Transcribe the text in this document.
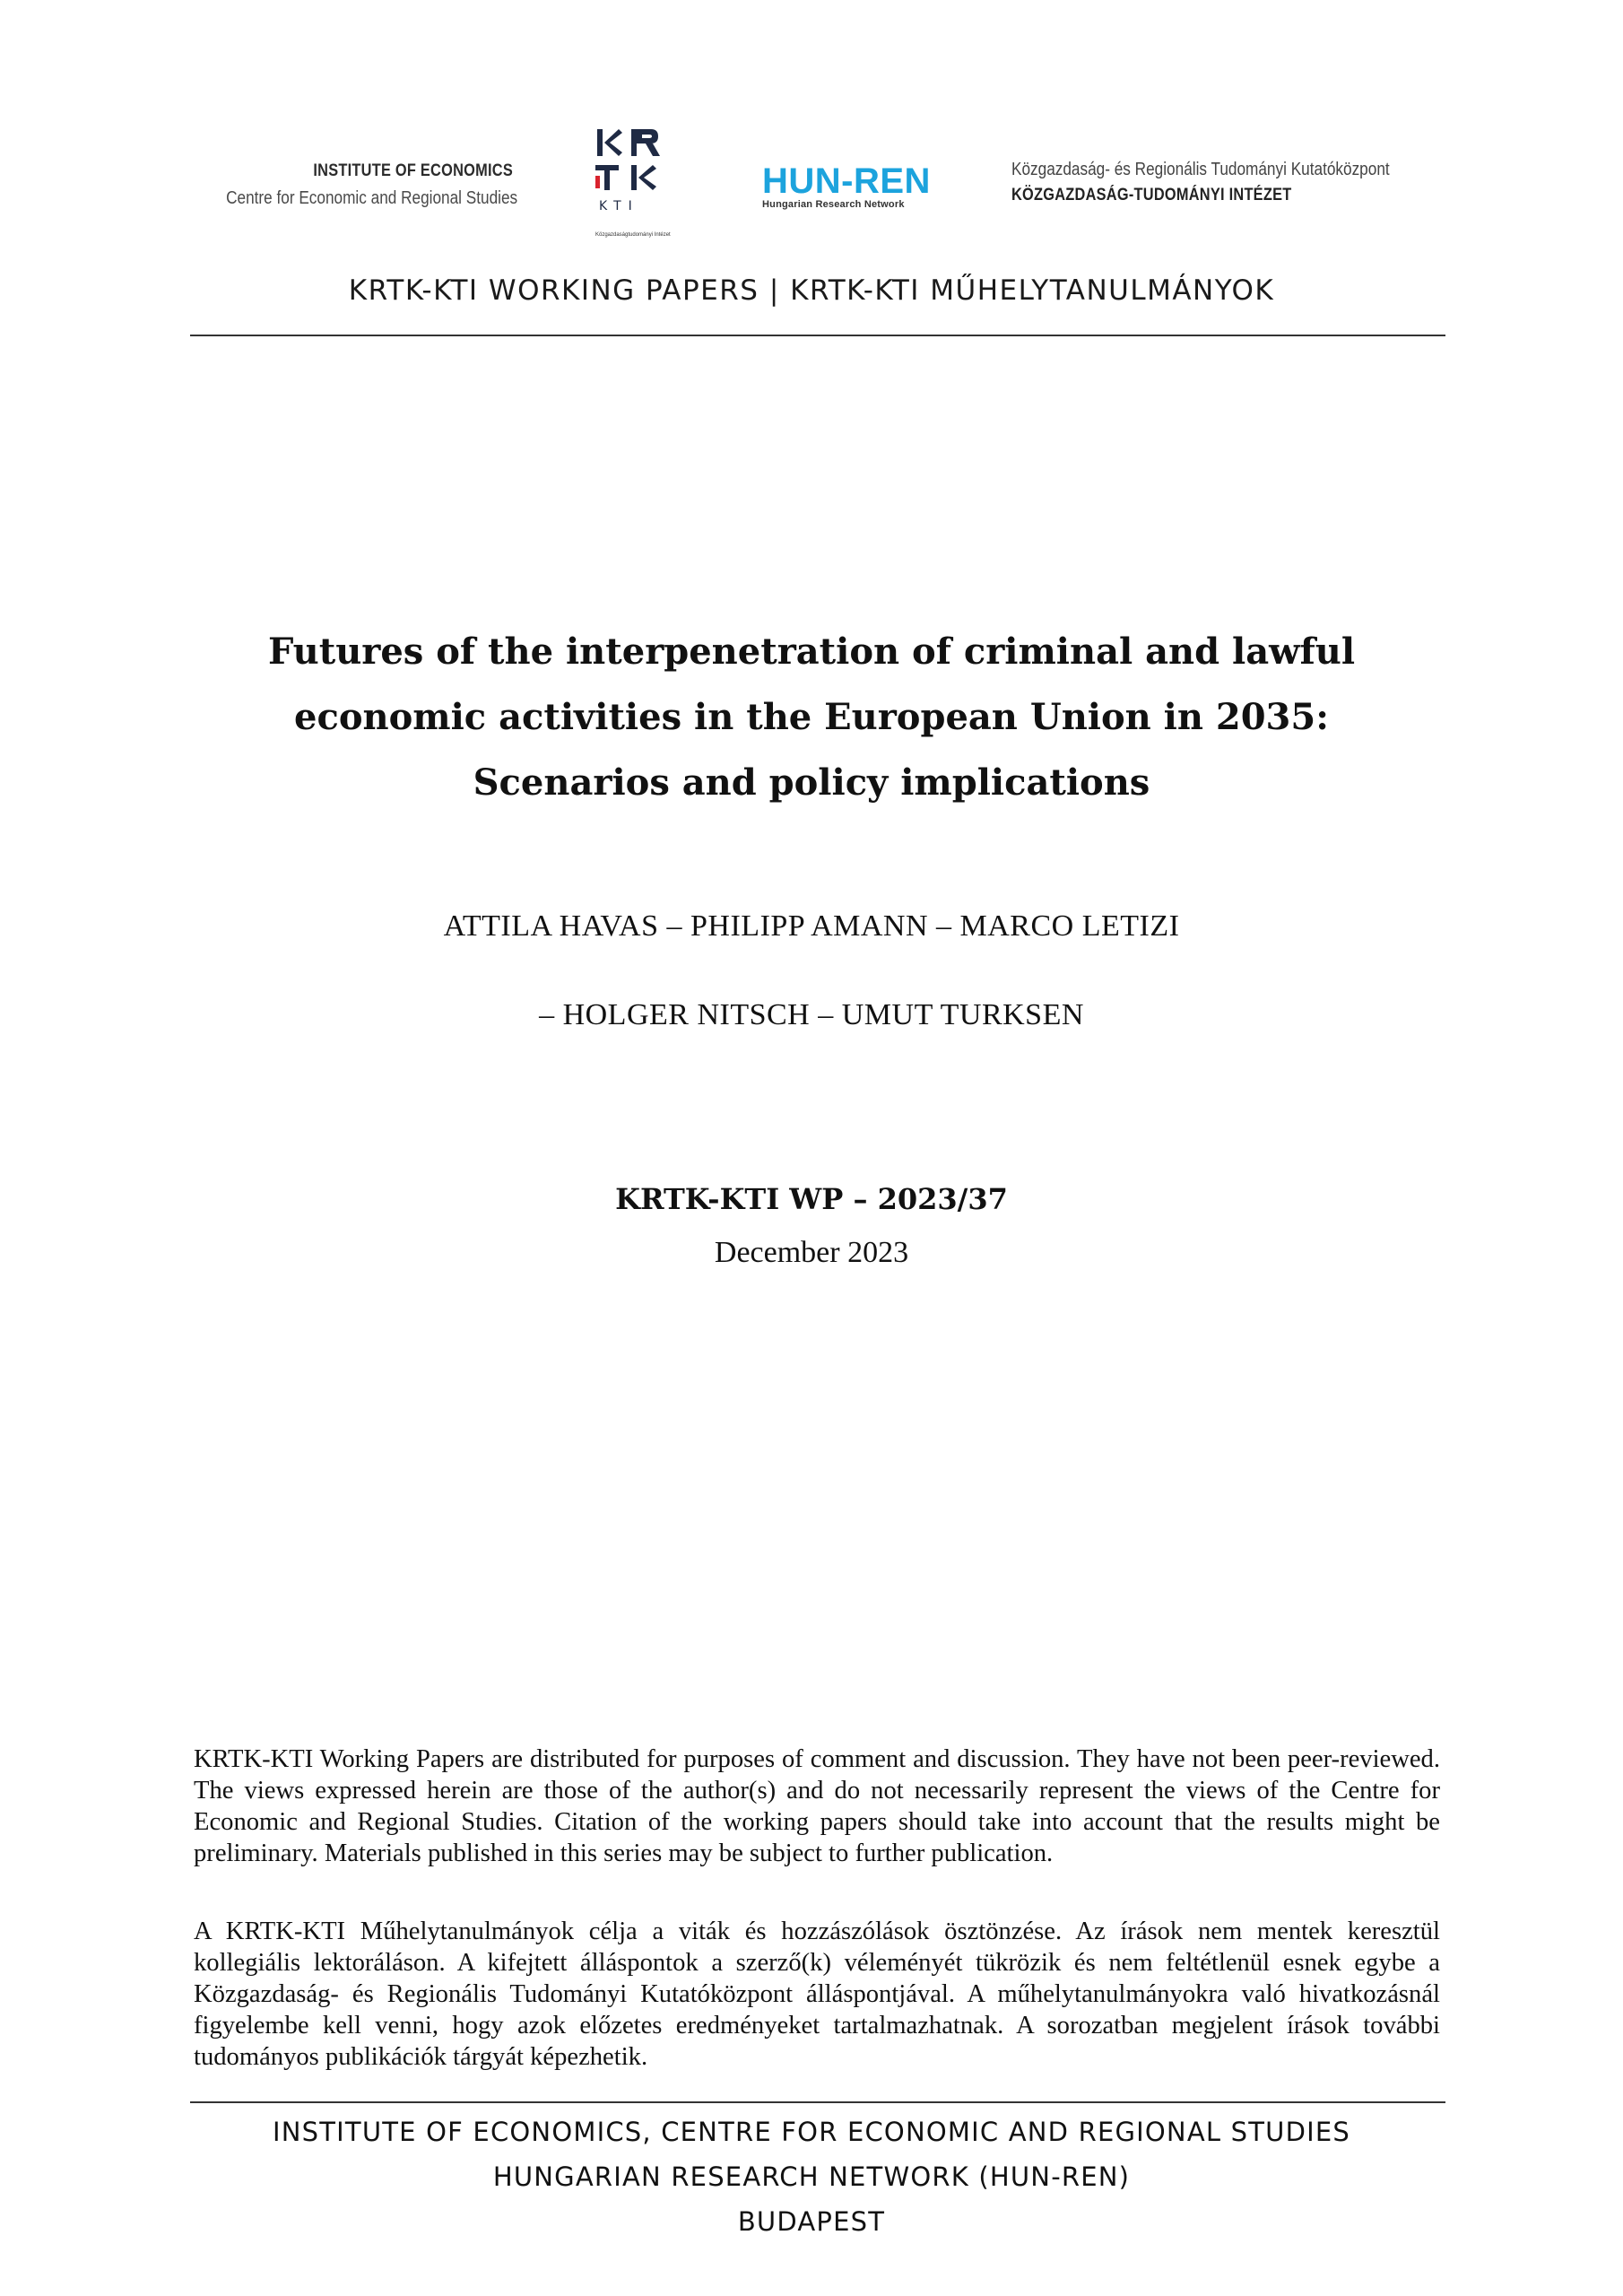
INSTITUTE OF ECONOMICS
Centre for Economic and Regional Studies	KTI
Közgazdaságtudományi Intézet
HUN-REN
Hungarian Research Network
Közgazdaság- és Regionális Tudományi Kutatóközpont
KÖZGAZDASÁG-TUDOMÁNYI INTÉZET
KRTK-KTI WORKING PAPERS | KRTK-KTI MŰHELYTANULMÁNYOK
Futures of the interpenetration of criminal and lawful
economic activities in the European Union in 2035:
Scenarios and policy implications
ATTILA HAVAS – PHILIPP AMANN – MARCO LETIZI
– HOLGER NITSCH – UMUT TURKSEN
KRTK-KTI WP – 2023/37
December 2023
KRTK-KTI Working Papers are distributed for purposes of comment and discussion. They have not been peer-reviewed. The views expressed herein are those of the author(s) and do not necessarily represent the views of the Centre for Economic and Regional Studies. Citation of the working papers should take into account that the results might be preliminary. Materials published in this series may be subject to further publication.
A KRTK-KTI Műhelytanulmányok célja a viták és hozzászólások ösztönzése. Az írások nem mentek keresztül kollegiális lektoráláson. A kifejtett álláspontok a szerző(k) véleményét tükrözik és nem feltétlenül esnek egybe a Közgazdaság- és Regionális Tudományi Kutatóközpont álláspontjával. A műhelytanulmányokra való hivatkozásnál figyelembe kell venni, hogy azok előzetes eredményeket tartalmazhatnak. A sorozatban megjelent írások további tudományos publikációk tárgyát képezhetik.
INSTITUTE OF ECONOMICS, CENTRE FOR ECONOMIC AND REGIONAL STUDIES
HUNGARIAN RESEARCH NETWORK (HUN-REN)
BUDAPEST
